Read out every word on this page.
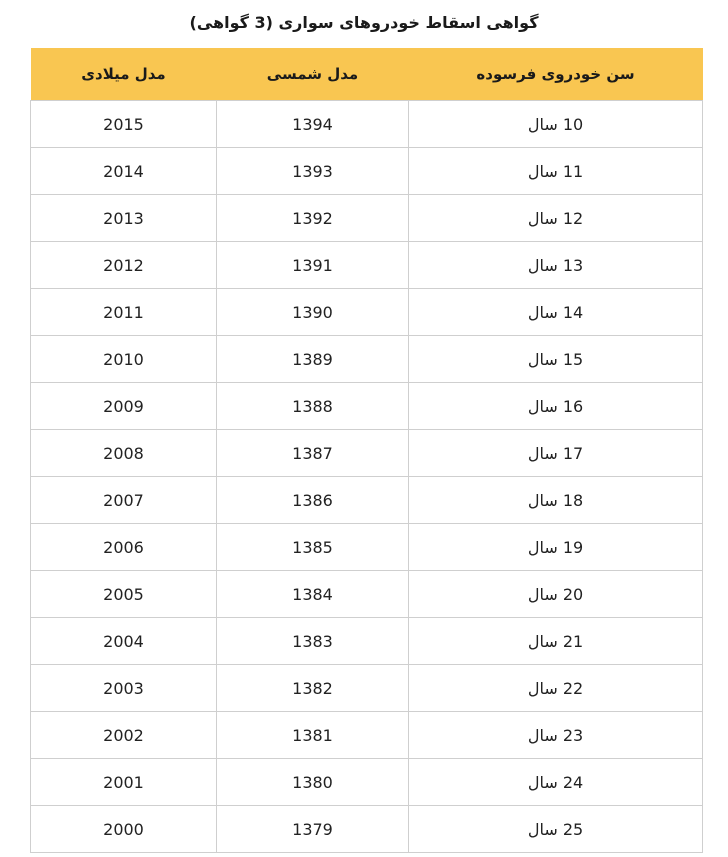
گواهی اسقاط خودروهای سواری (3 گواهی)
سن خودروی فرسوده	مدل شمسی	مدل میلادی
10 سال	1394	2015
11 سال	1393	2014
12 سال	1392	2013
13 سال	1391	2012
14 سال	1390	2011
15 سال	1389	2010
16 سال	1388	2009
17 سال	1387	2008
18 سال	1386	2007
19 سال	1385	2006
20 سال	1384	2005
21 سال	1383	2004
22 سال	1382	2003
23 سال	1381	2002
24 سال	1380	2001
25 سال	1379	2000
